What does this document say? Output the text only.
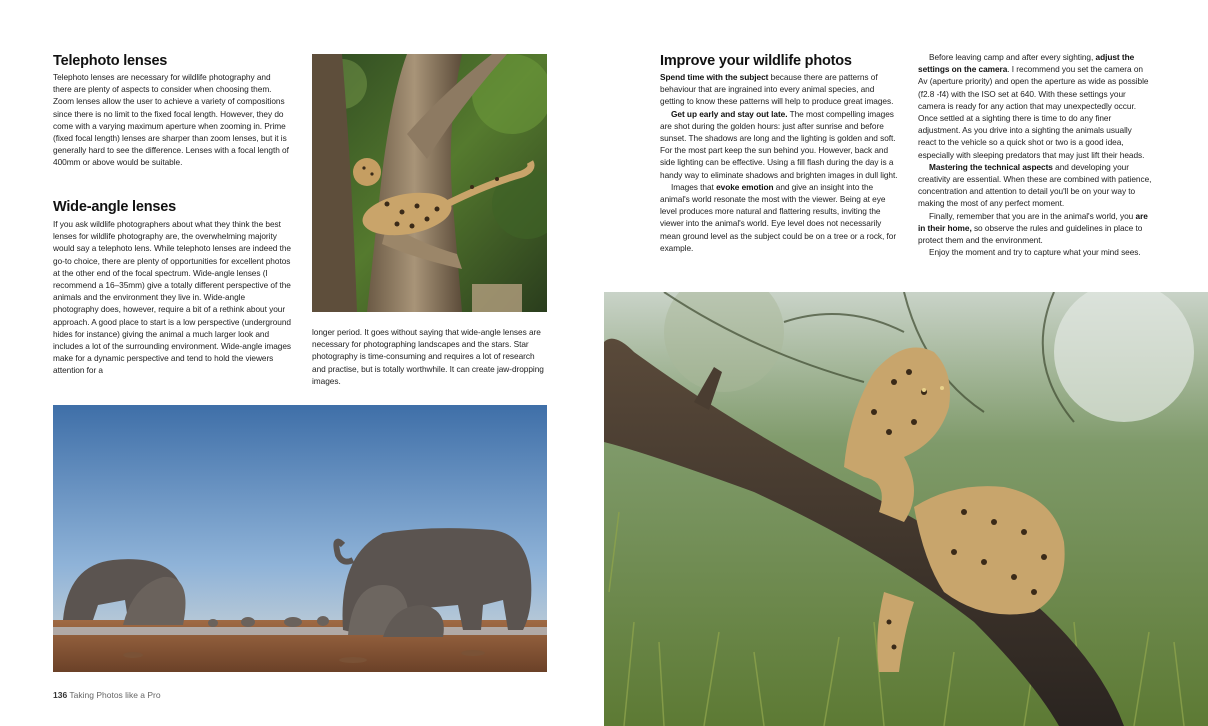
Telephoto lenses

Telephoto lenses are necessary for wildlife photography and there are plenty of aspects to consider when choosing them. Zoom lenses allow the user to achieve a variety of compositions since there is no limit to the fixed focal length. However, they do come with a varying maximum aperture when zooming in. Prime (fixed focal length) lenses are sharper than zoom lenses, but it is generally hard to see the difference. Lenses with a focal length of 400mm or above would be suitable.

Wide-angle lenses

If you ask wildlife photographers about what they think the best lenses for wildlife photography are, the overwhelming majority would say a telephoto lens. While telephoto lenses are indeed the go-to choice, there are plenty of opportunities for excellent photos at the other end of the focal spectrum. Wide-angle lenses (I recommend a 16–35mm) give a totally different perspective of the animals and the environment they live in. Wide-angle photography does, however, require a bit of a rethink about your approach. A good place to start is a low perspective (underground hides for instance) giving the animal a much larger look and includes a lot of the surrounding environment. Wide-angle images make for a dynamic perspective and tend to hold the viewers attention for a

longer period. It goes without saying that wide-angle lenses are necessary for photographing landscapes and the stars. Star photography is time-consuming and requires a lot of research and practise, but is totally worthwhile. It can create jaw-dropping images.

136 Taking Photos like a Pro
Improve your wildlife photos

Spend time with the subject because there are patterns of behaviour that are ingrained into every animal species, and getting to know these patterns will help to produce great images.

Get up early and stay out late. The most compelling images are shot during the golden hours: just after sunrise and before sunset. The shadows are long and the lighting is golden and soft. For the most part keep the sun behind you. However, back and side lighting can be effective. Using a fill flash during the day is a handy way to eliminate shadows and brighten images in dull light.

Images that evoke emotion and give an insight into the animal's world resonate the most with the viewer. Being at eye level produces more natural and flattering results, inviting the viewer into the animal's world. Eye level does not necessarily mean ground level as the subject could be on a tree or a rock, for example.

Before leaving camp and after every sighting, adjust the settings on the camera. I recommend you set the camera on Av (aperture priority) and open the aperture as wide as possible (f2.8 -f4) with the ISO set at 640. With these settings your camera is ready for any action that may unexpectedly occur. Once settled at a sighting there is time to do any finer adjustment. As you drive into a sighting the animals usually react to the vehicle so a quick shot or two is a good idea, especially with sleeping predators that may just lift their heads.

Mastering the technical aspects and developing your creativity are essential. When these are combined with patience, concentration and attention to detail you'll be on your way to making the most of any perfect moment.

Finally, remember that you are in the animal's world, you are in their home, so observe the rules and guidelines in place to protect them and the environment.

Enjoy the moment and try to capture what your mind sees.
